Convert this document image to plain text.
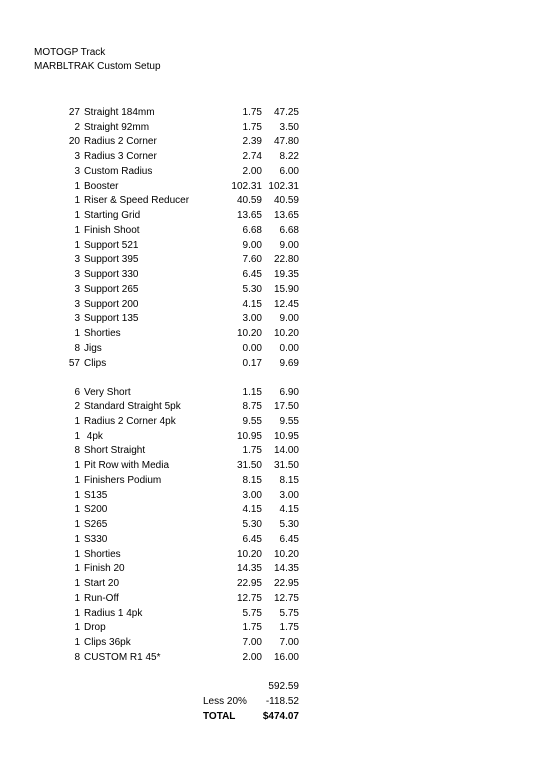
MOTOGP Track
MARBLTRAK Custom Setup
27 Straight 184mm	1.75 47.25
2 Straight 92mm	1.75 3.50
20 Radius 2 Corner	2.39 47.80
3 Radius 3 Corner	2.74 8.22
3 Custom Radius	2.00 6.00
1 Booster	102.31 102.31
1 Riser & Speed Reducer	40.59 40.59
1 Starting Grid	13.65 13.65
1 Finish Shoot	6.68 6.68
1 Support 521	9.00 9.00
3 Support 395	7.60 22.80
3 Support 330	6.45 19.35
3 Support 265	5.30 15.90
3 Support 200	4.15 12.45
3 Support 135	3.00 9.00
1 Shorties	10.20 10.20
8 Jigs	0.00 0.00
57 Clips	0.17 9.69
6 Very Short	1.15 6.90
2 Standard Straight 5pk	8.75 17.50
1 Radius 2 Corner 4pk	9.55 9.55
1 4pk	10.95 10.95
8 Short Straight	1.75 14.00
1 Pit Row with Media	31.50 31.50
1 Finishers Podium	8.15 8.15
1 S135	3.00 3.00
1 S200	4.15 4.15
1 S265	5.30 5.30
1 S330	6.45 6.45
1 Shorties	10.20 10.20
1 Finish 20	14.35 14.35
1 Start 20	22.95 22.95
1 Run-Off	12.75 12.75
1 Radius 1 4pk	5.75 5.75
1 Drop	1.75 1.75
1 Clips 36pk	7.00 7.00
8 CUSTOM R1 45*	2.00 16.00
592.59
Less 20% -118.52
TOTAL	$474.07
